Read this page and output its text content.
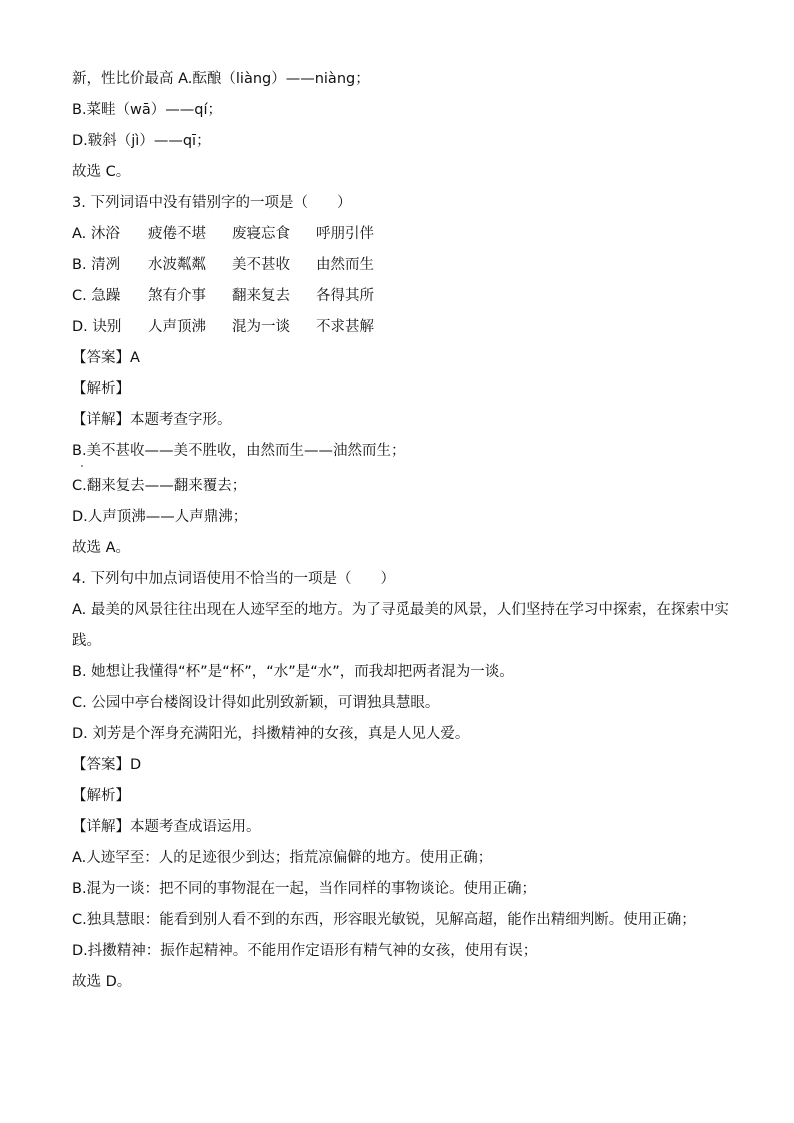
新，性比价最高 A.酝酿（liàng）——niàng；
B.菜畦（wā）——qí；
D.皲斜（jì）——qī；
故选 C。
3. 下列词语中没有错别字的一项是（　　）
A. 沐浴	疲倦不堪	废寝忘食	呼朋引伴
B. 清冽	水波粼粼	美不甚收	由然而生
C. 急躁	煞有介事	翻来复去	各得其所
D. 诀别	人声顶沸	混为一谈	不求甚解
【答案】A
【解析】
【详解】本题考查字形。
B.美不甚收——美不胜收，由然而生——油然而生；
C.翻来复去——翻来覆去；
D.人声顶沸——人声鼎沸；
故选 A。
4. 下列句中加点词语使用不恰当的一项是（　　）
A. 最美的风景往往出现在人迹罕至的地方。为了寻觅最美的风景，人们坚持在学习中探索，在探索中实
践。
B. 她想让我懂得“杯”是“杯”，“水”是“水”，而我却把两者混为一谈。
C. 公园中亭台楼阁设计得如此别致新颖，可谓独具慧眼。
D. 刘芳是个浑身充满阳光，抖擞精神的女孩，真是人见人爱。
【答案】D
【解析】
【详解】本题考查成语运用。
A.人迹罕至：人的足迹很少到达；指荒凉偏僻的地方。使用正确；
B.混为一谈：把不同的事物混在一起，当作同样的事物谈论。使用正确；
C.独具慧眼：能看到别人看不到的东西，形容眼光敏锐，见解高超，能作出精细判断。使用正确；
D.抖擞精神：振作起精神。不能用作定语形有精气神的女孩，使用有误；
故选 D。
